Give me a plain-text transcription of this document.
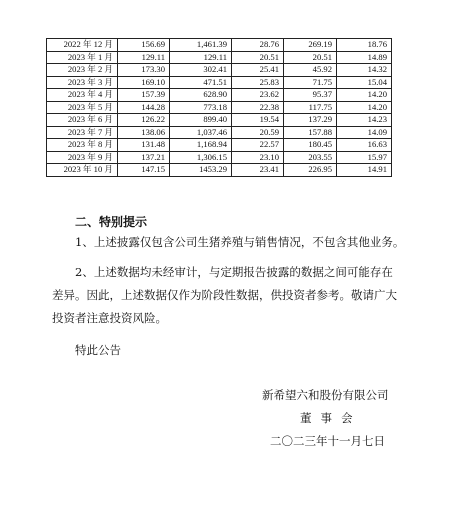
2022 年 12 月	156.69	1,461.39	28.76	269.19	18.76
2023 年 1 月	129.11	129.11	20.51	20.51	14.89
2023 年 2 月	173.30	302.41	25.41	45.92	14.32
2023 年 3 月	169.10	471.51	25.83	71.75	15.04
2023 年 4 月	157.39	628.90	23.62	95.37	14.20
2023 年 5 月	144.28	773.18	22.38	117.75	14.20
2023 年 6 月	126.22	899.40	19.54	137.29	14.23
2023 年 7 月	138.06	1,037.46	20.59	157.88	14.09
2023 年 8 月	131.48	1,168.94	22.57	180.45	16.63
2023 年 9 月	137.21	1,306.15	23.10	203.55	15.97
2023 年 10 月	147.15	1453.29	23.41	226.95	14.91
二、特别提示
1、上述披露仅包含公司生猪养殖与销售情况，不包含其他业务。
2、上述数据均未经审计，与定期报告披露的数据之间可能存在
差异。因此，上述数据仅作为阶段性数据，供投资者参考。敬请广大
投资者注意投资风险。
特此公告
新希望六和股份有限公司
董事会
二〇二三年十一月七日
